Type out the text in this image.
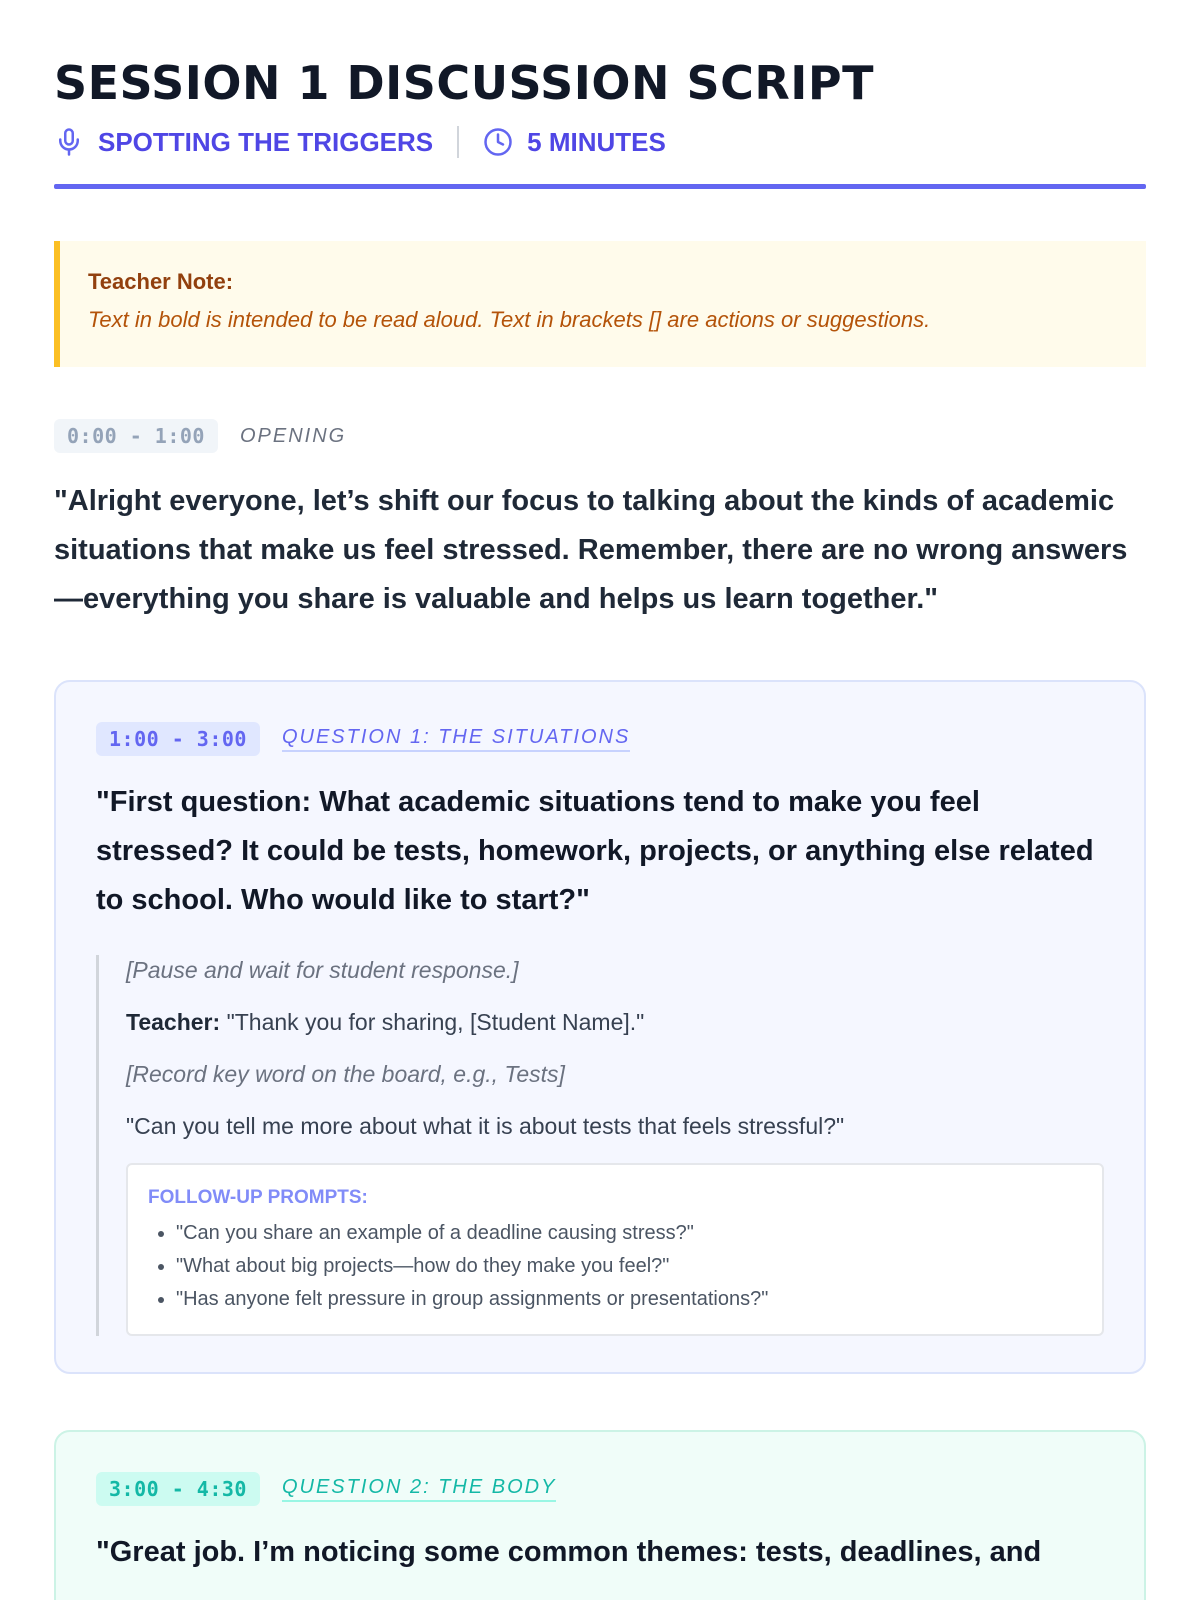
SESSION 1 DISCUSSION SCRIPT
SPOTTING THE TRIGGERS	5 MINUTES
Teacher Note:
Text in bold is intended to be read aloud. Text in brackets [] are actions or suggestions.
0:00 - 1:00	OPENING
"Alright everyone, let’s shift our focus to talking about the kinds of academic situations that make us feel stressed. Remember, there are no wrong answers—everything you share is valuable and helps us learn together."
1:00 - 3:00	QUESTION 1: THE SITUATIONS
"First question: What academic situations tend to make you feel stressed? It could be tests, homework, projects, or anything else related to school. Who would like to start?"
[Pause and wait for student response.]
Teacher: "Thank you for sharing, [Student Name]."
[Record key word on the board, e.g., Tests]
"Can you tell me more about what it is about tests that feels stressful?"
FOLLOW-UP PROMPTS:
• "Can you share an example of a deadline causing stress?"
• "What about big projects—how do they make you feel?"
• "Has anyone felt pressure in group assignments or presentations?"
3:00 - 4:30	QUESTION 2: THE BODY
"Great job. I’m noticing some common themes: tests, deadlines, and
